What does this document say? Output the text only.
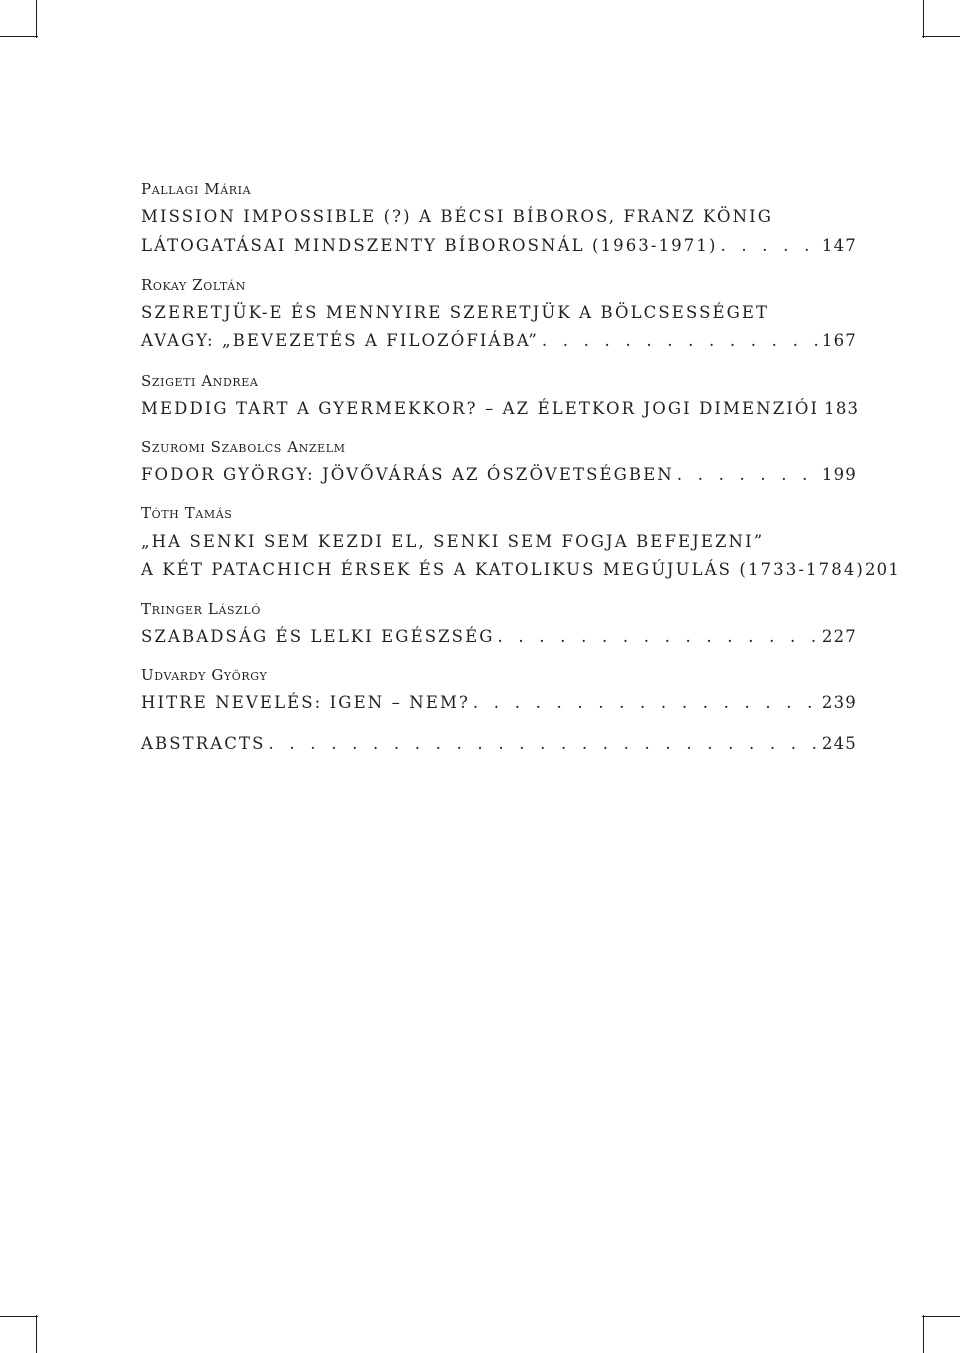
Pallagi Mária
MISSION IMPOSSIBLE (?) A BÉCSI BÍBOROS, FRANZ KÖNIG
LÁTOGATÁSAI MINDSZENTY BÍBOROSNÁL (1963-1971) . . .	147
Rokay Zoltán
SZERETJÜK-E ÉS MENNYIRE SZERETJÜK A BÖLCSESSÉGET
AVAGY: „BEVEZETÉS A FILOZÓFIÁBA” . . .	167
Szigeti Andrea
MEDDIG TART A GYERMEKKOR? – AZ ÉLETKOR JOGI DIMENZIÓI 183
Szuromi Szabolcs Anzelm
FODOR GYÖRGY: JÖVŐVÁRÁS AZ ÓSZÖVETSÉGBEN . . .	199
Tóth Tamás
„HA SENKI SEM KEZDI EL, SENKI SEM FOGJA BEFEJEZNI”
A KÉT PATACHICH ÉRSEK ÉS A KATOLIKUS MEGÚJULÁS (1733-1784) 201
Tringer László
SZABADSÁG ÉS LELKI EGÉSZSÉG . . .	227
Udvardy György
HITRE NEVELÉS: IGEN – NEM? . . .	239
ABSTRACTS . . .	245
